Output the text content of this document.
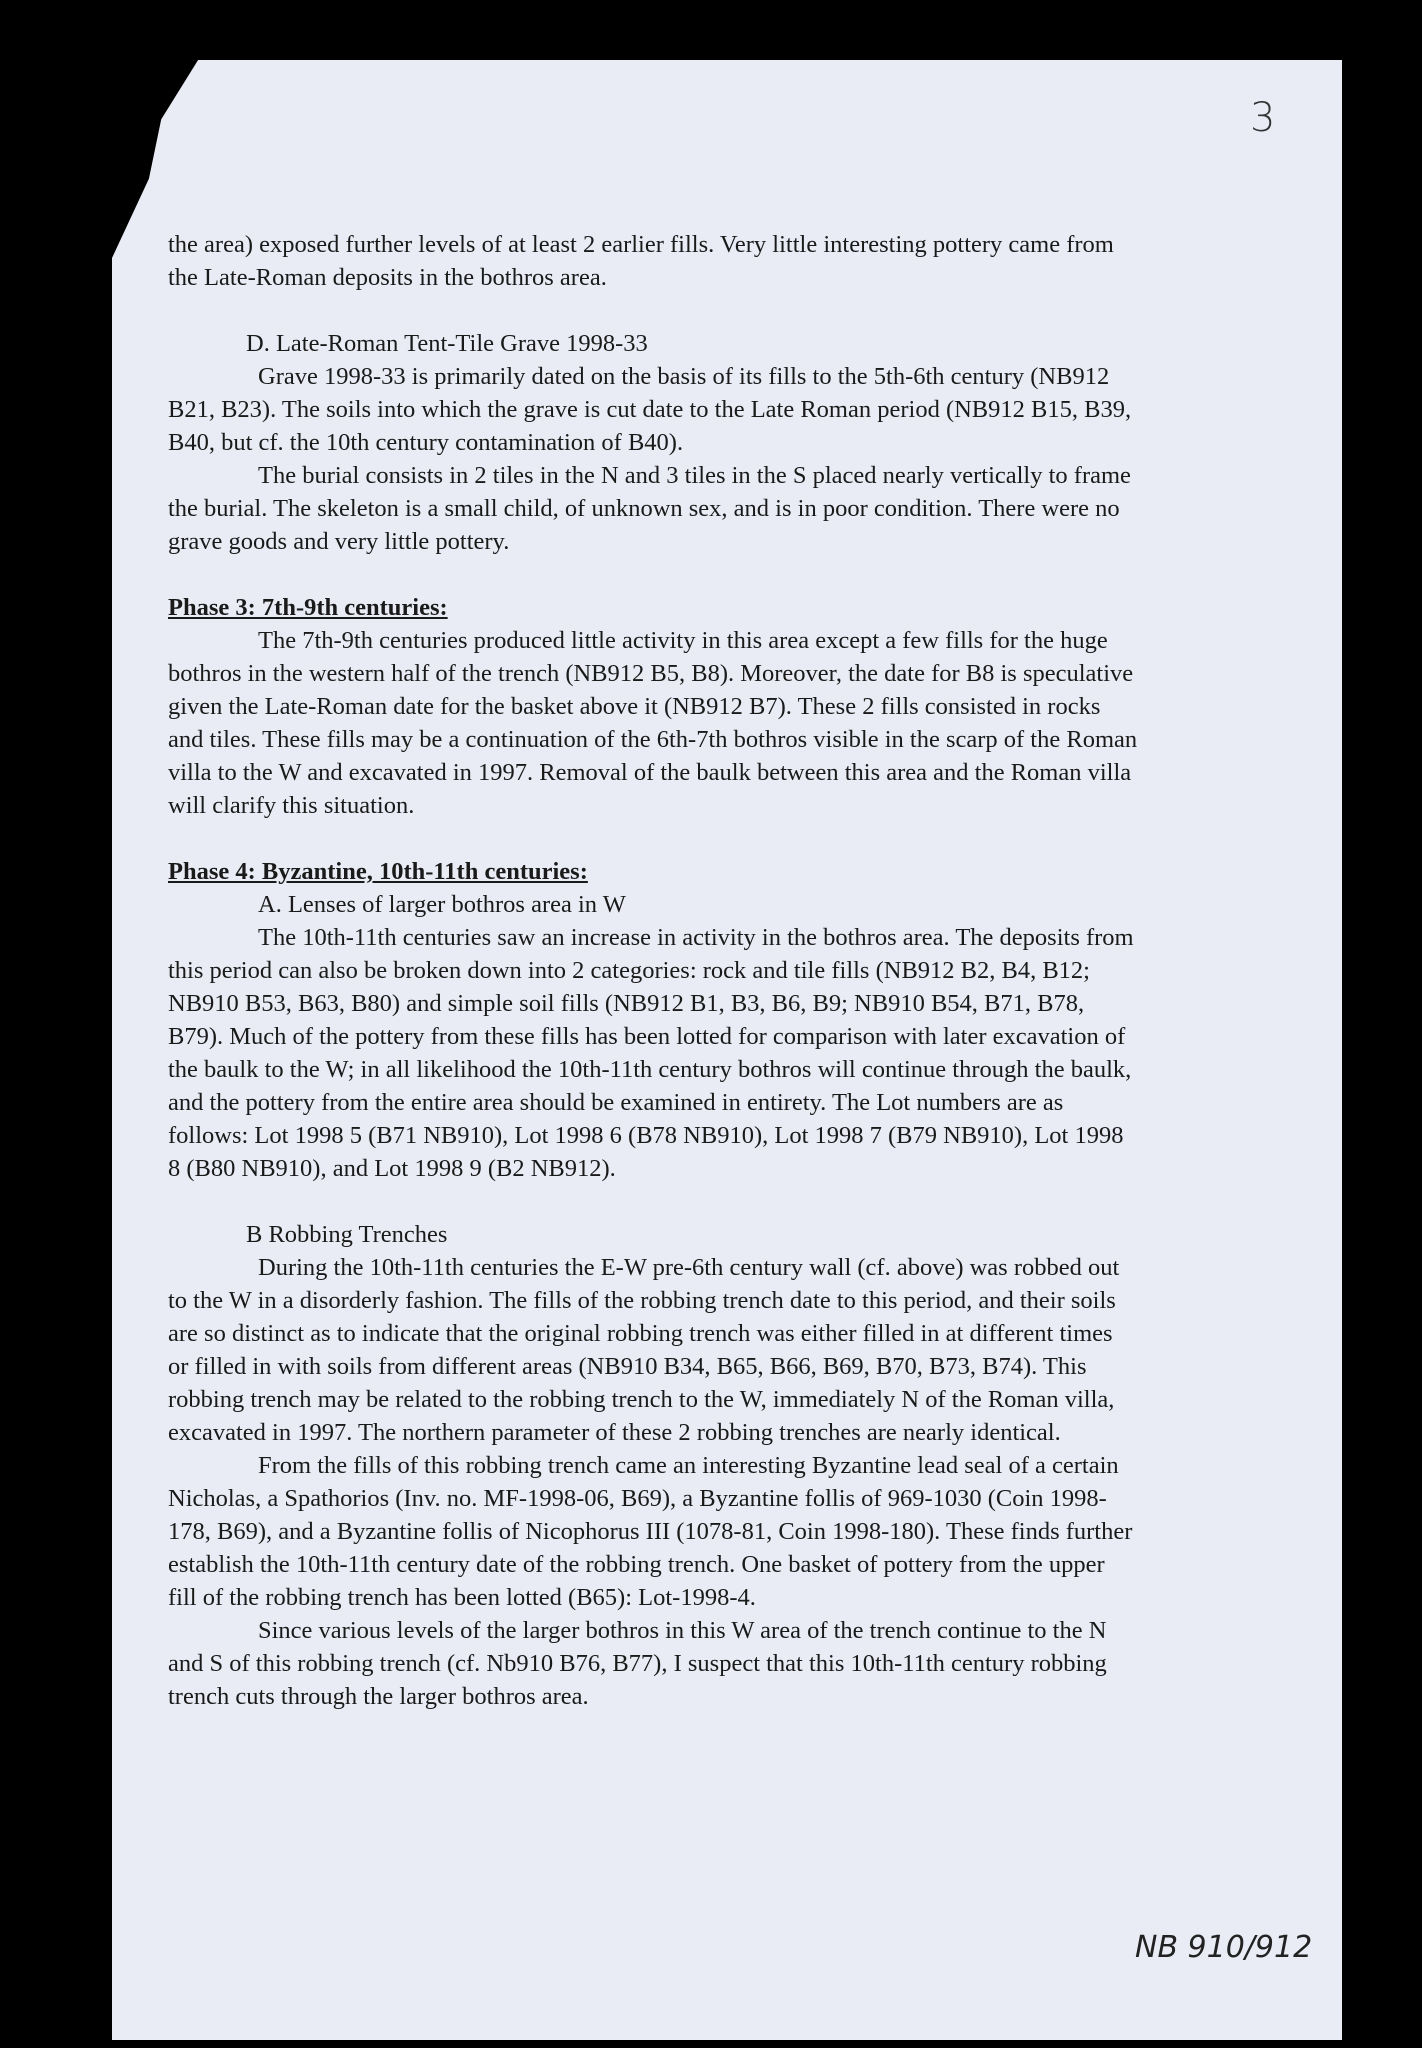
3

the area) exposed further levels of at least 2 earlier fills. Very little interesting pottery came from the Late-Roman deposits in the bothros area.

D. Late-Roman Tent-Tile Grave 1998-33

Grave 1998-33 is primarily dated on the basis of its fills to the 5th-6th century (NB912 B21, B23). The soils into which the grave is cut date to the Late Roman period (NB912 B15, B39, B40, but cf. the 10th century contamination of B40).

The burial consists in 2 tiles in the N and 3 tiles in the S placed nearly vertically to frame the burial. The skeleton is a small child, of unknown sex, and is in poor condition. There were no grave goods and very little pottery.

Phase 3: 7th-9th centuries:

The 7th-9th centuries produced little activity in this area except a few fills for the huge bothros in the western half of the trench (NB912 B5, B8). Moreover, the date for B8 is speculative given the Late-Roman date for the basket above it (NB912 B7). These 2 fills consisted in rocks and tiles. These fills may be a continuation of the 6th-7th bothros visible in the scarp of the Roman villa to the W and excavated in 1997. Removal of the baulk between this area and the Roman villa will clarify this situation.

Phase 4: Byzantine, 10th-11th centuries:

A. Lenses of larger bothros area in W

The 10th-11th centuries saw an increase in activity in the bothros area. The deposits from this period can also be broken down into 2 categories: rock and tile fills (NB912 B2, B4, B12; NB910 B53, B63, B80) and simple soil fills (NB912 B1, B3, B6, B9; NB910 B54, B71, B78, B79). Much of the pottery from these fills has been lotted for comparison with later excavation of the baulk to the W; in all likelihood the 10th-11th century bothros will continue through the baulk, and the pottery from the entire area should be examined in entirety. The Lot numbers are as follows: Lot 1998 5 (B71 NB910), Lot 1998 6 (B78 NB910), Lot 1998 7 (B79 NB910), Lot 1998 8 (B80 NB910), and Lot 1998 9 (B2 NB912).

B Robbing Trenches

During the 10th-11th centuries the E-W pre-6th century wall (cf. above) was robbed out to the W in a disorderly fashion. The fills of the robbing trench date to this period, and their soils are so distinct as to indicate that the original robbing trench was either filled in at different times or filled in with soils from different areas (NB910 B34, B65, B66, B69, B70, B73, B74). This robbing trench may be related to the robbing trench to the W, immediately N of the Roman villa, excavated in 1997. The northern parameter of these 2 robbing trenches are nearly identical.

From the fills of this robbing trench came an interesting Byzantine lead seal of a certain Nicholas, a Spathorios (Inv. no. MF-1998-06, B69), a Byzantine follis of 969-1030 (Coin 1998-178, B69), and a Byzantine follis of Nicophorus III (1078-81, Coin 1998-180). These finds further establish the 10th-11th century date of the robbing trench. One basket of pottery from the upper fill of the robbing trench has been lotted (B65): Lot-1998-4.

Since various levels of the larger bothros in this W area of the trench continue to the N and S of this robbing trench (cf. Nb910 B76, B77), I suspect that this 10th-11th century robbing trench cuts through the larger bothros area.

NB 910/912
